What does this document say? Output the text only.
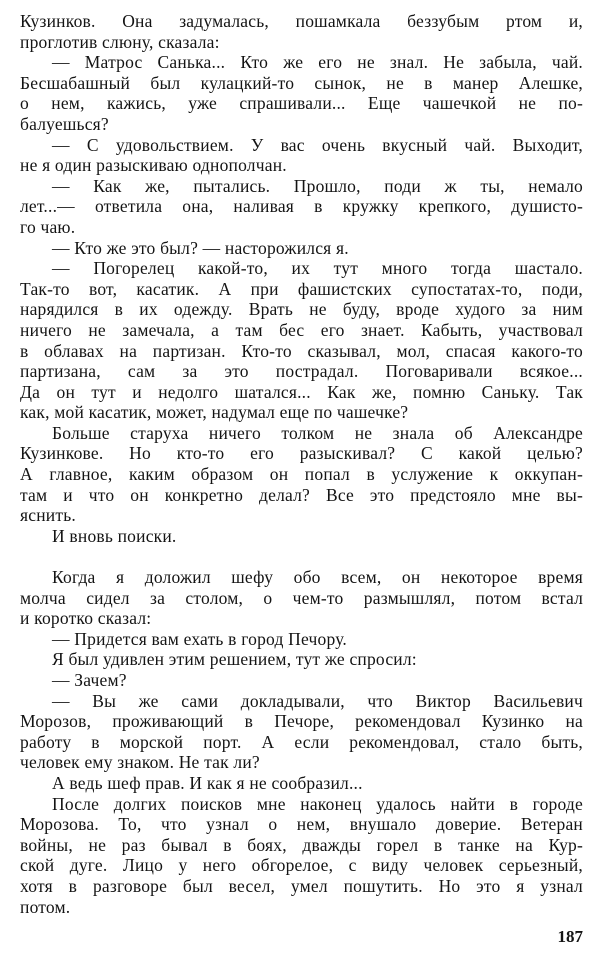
Кузинков. Она задумалась, пошамкала беззубым ртом и,
проглотив слюну, сказала:
— Матрос Санька... Кто же его не знал. Не забыла, чай.
Бесшабашный был кулацкий-то сынок, не в манер Алешке,
о нем, кажись, уже спрашивали... Еще чашечкой не по-
балуешься?
— С удовольствием. У вас очень вкусный чай. Выходит,
не я один разыскиваю однополчан.
— Как же, пытались. Прошло, поди ж ты, немало
лет...— ответила она, наливая в кружку крепкого, душисто-
го чаю.
— Кто же это был? — насторожился я.
— Погорелец какой-то, их тут много тогда шастало.
Так-то вот, касатик. А при фашистских супостатах-то, поди,
нарядился в их одежду. Врать не буду, вроде худого за ним
ничего не замечала, а там бес его знает. Кабыть, участвовал
в облавах на партизан. Кто-то сказывал, мол, спасая какого-то
партизана, сам за это пострадал. Поговаривали всякое...
Да он тут и недолго шатался... Как же, помню Саньку. Так
как, мой касатик, может, надумал еще по чашечке?
Больше старуха ничего толком не знала об Александре
Кузинкове. Но кто-то его разыскивал? С какой целью?
А главное, каким образом он попал в услужение к оккупан-
там и что он конкретно делал? Все это предстояло мне вы-
яснить.
И вновь поиски.
Когда я доложил шефу обо всем, он некоторое время
молча сидел за столом, о чем-то размышлял, потом встал
и коротко сказал:
— Придется вам ехать в город Печору.
Я был удивлен этим решением, тут же спросил:
— Зачем?
— Вы же сами докладывали, что Виктор Васильевич
Морозов, проживающий в Печоре, рекомендовал Кузинко на
работу в морской порт. А если рекомендовал, стало быть,
человек ему знаком. Не так ли?
А ведь шеф прав. И как я не сообразил...
После долгих поисков мне наконец удалось найти в городе
Морозова. То, что узнал о нем, внушало доверие. Ветеран
войны, не раз бывал в боях, дважды горел в танке на Кур-
ской дуге. Лицо у него обгорелое, с виду человек серьезный,
хотя в разговоре был весел, умел пошутить. Но это я узнал
потом.
187
